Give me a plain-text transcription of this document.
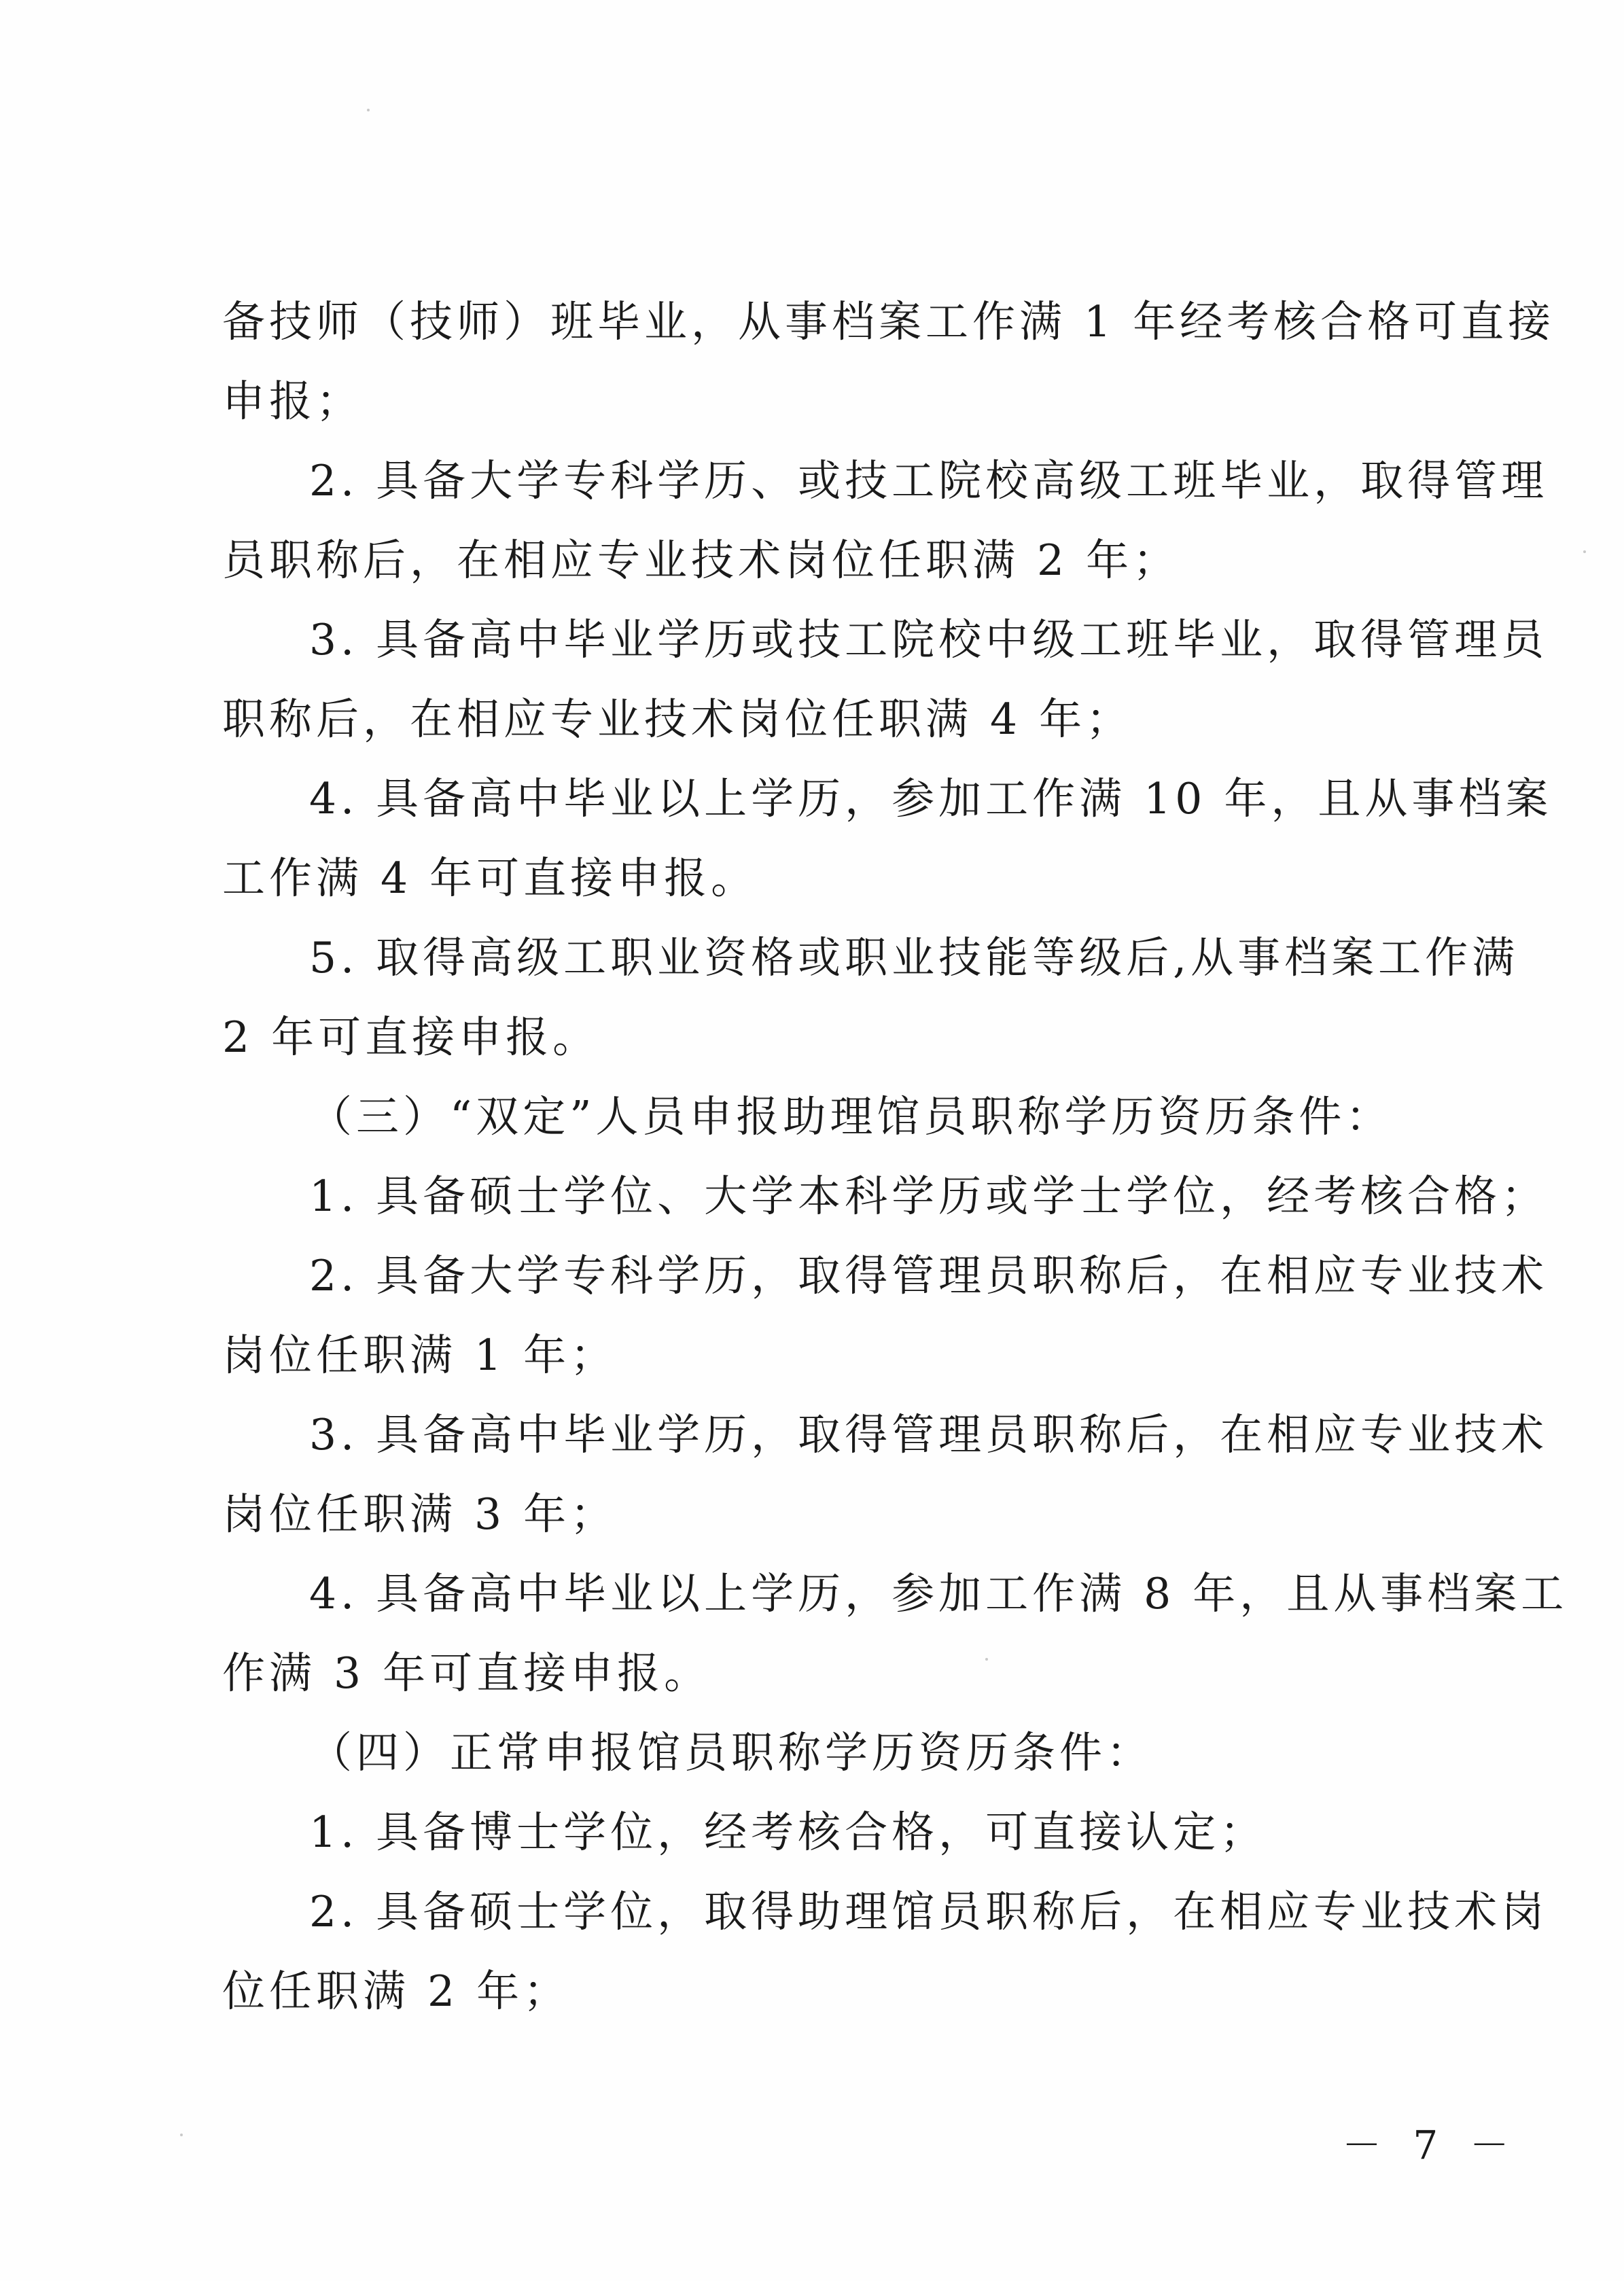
备技师（技师）班毕业，从事档案工作满 1 年经考核合格可直接
申报；
2. 具备大学专科学历、或技工院校高级工班毕业，取得管理
员职称后，在相应专业技术岗位任职满 2 年；
3. 具备高中毕业学历或技工院校中级工班毕业，取得管理员
职称后，在相应专业技术岗位任职满 4 年；
4. 具备高中毕业以上学历，参加工作满 10 年，且从事档案
工作满 4 年可直接申报。
5. 取得高级工职业资格或职业技能等级后,从事档案工作满
2 年可直接申报。
（三）“双定”人员申报助理馆员职称学历资历条件：
1. 具备硕士学位、大学本科学历或学士学位，经考核合格；
2. 具备大学专科学历，取得管理员职称后，在相应专业技术
岗位任职满 1 年；
3. 具备高中毕业学历，取得管理员职称后，在相应专业技术
岗位任职满 3 年；
4. 具备高中毕业以上学历，参加工作满 8 年，且从事档案工
作满 3 年可直接申报。
（四）正常申报馆员职称学历资历条件：
1. 具备博士学位，经考核合格，可直接认定；
2. 具备硕士学位，取得助理馆员职称后，在相应专业技术岗
位任职满 2 年；
－ 7 －
